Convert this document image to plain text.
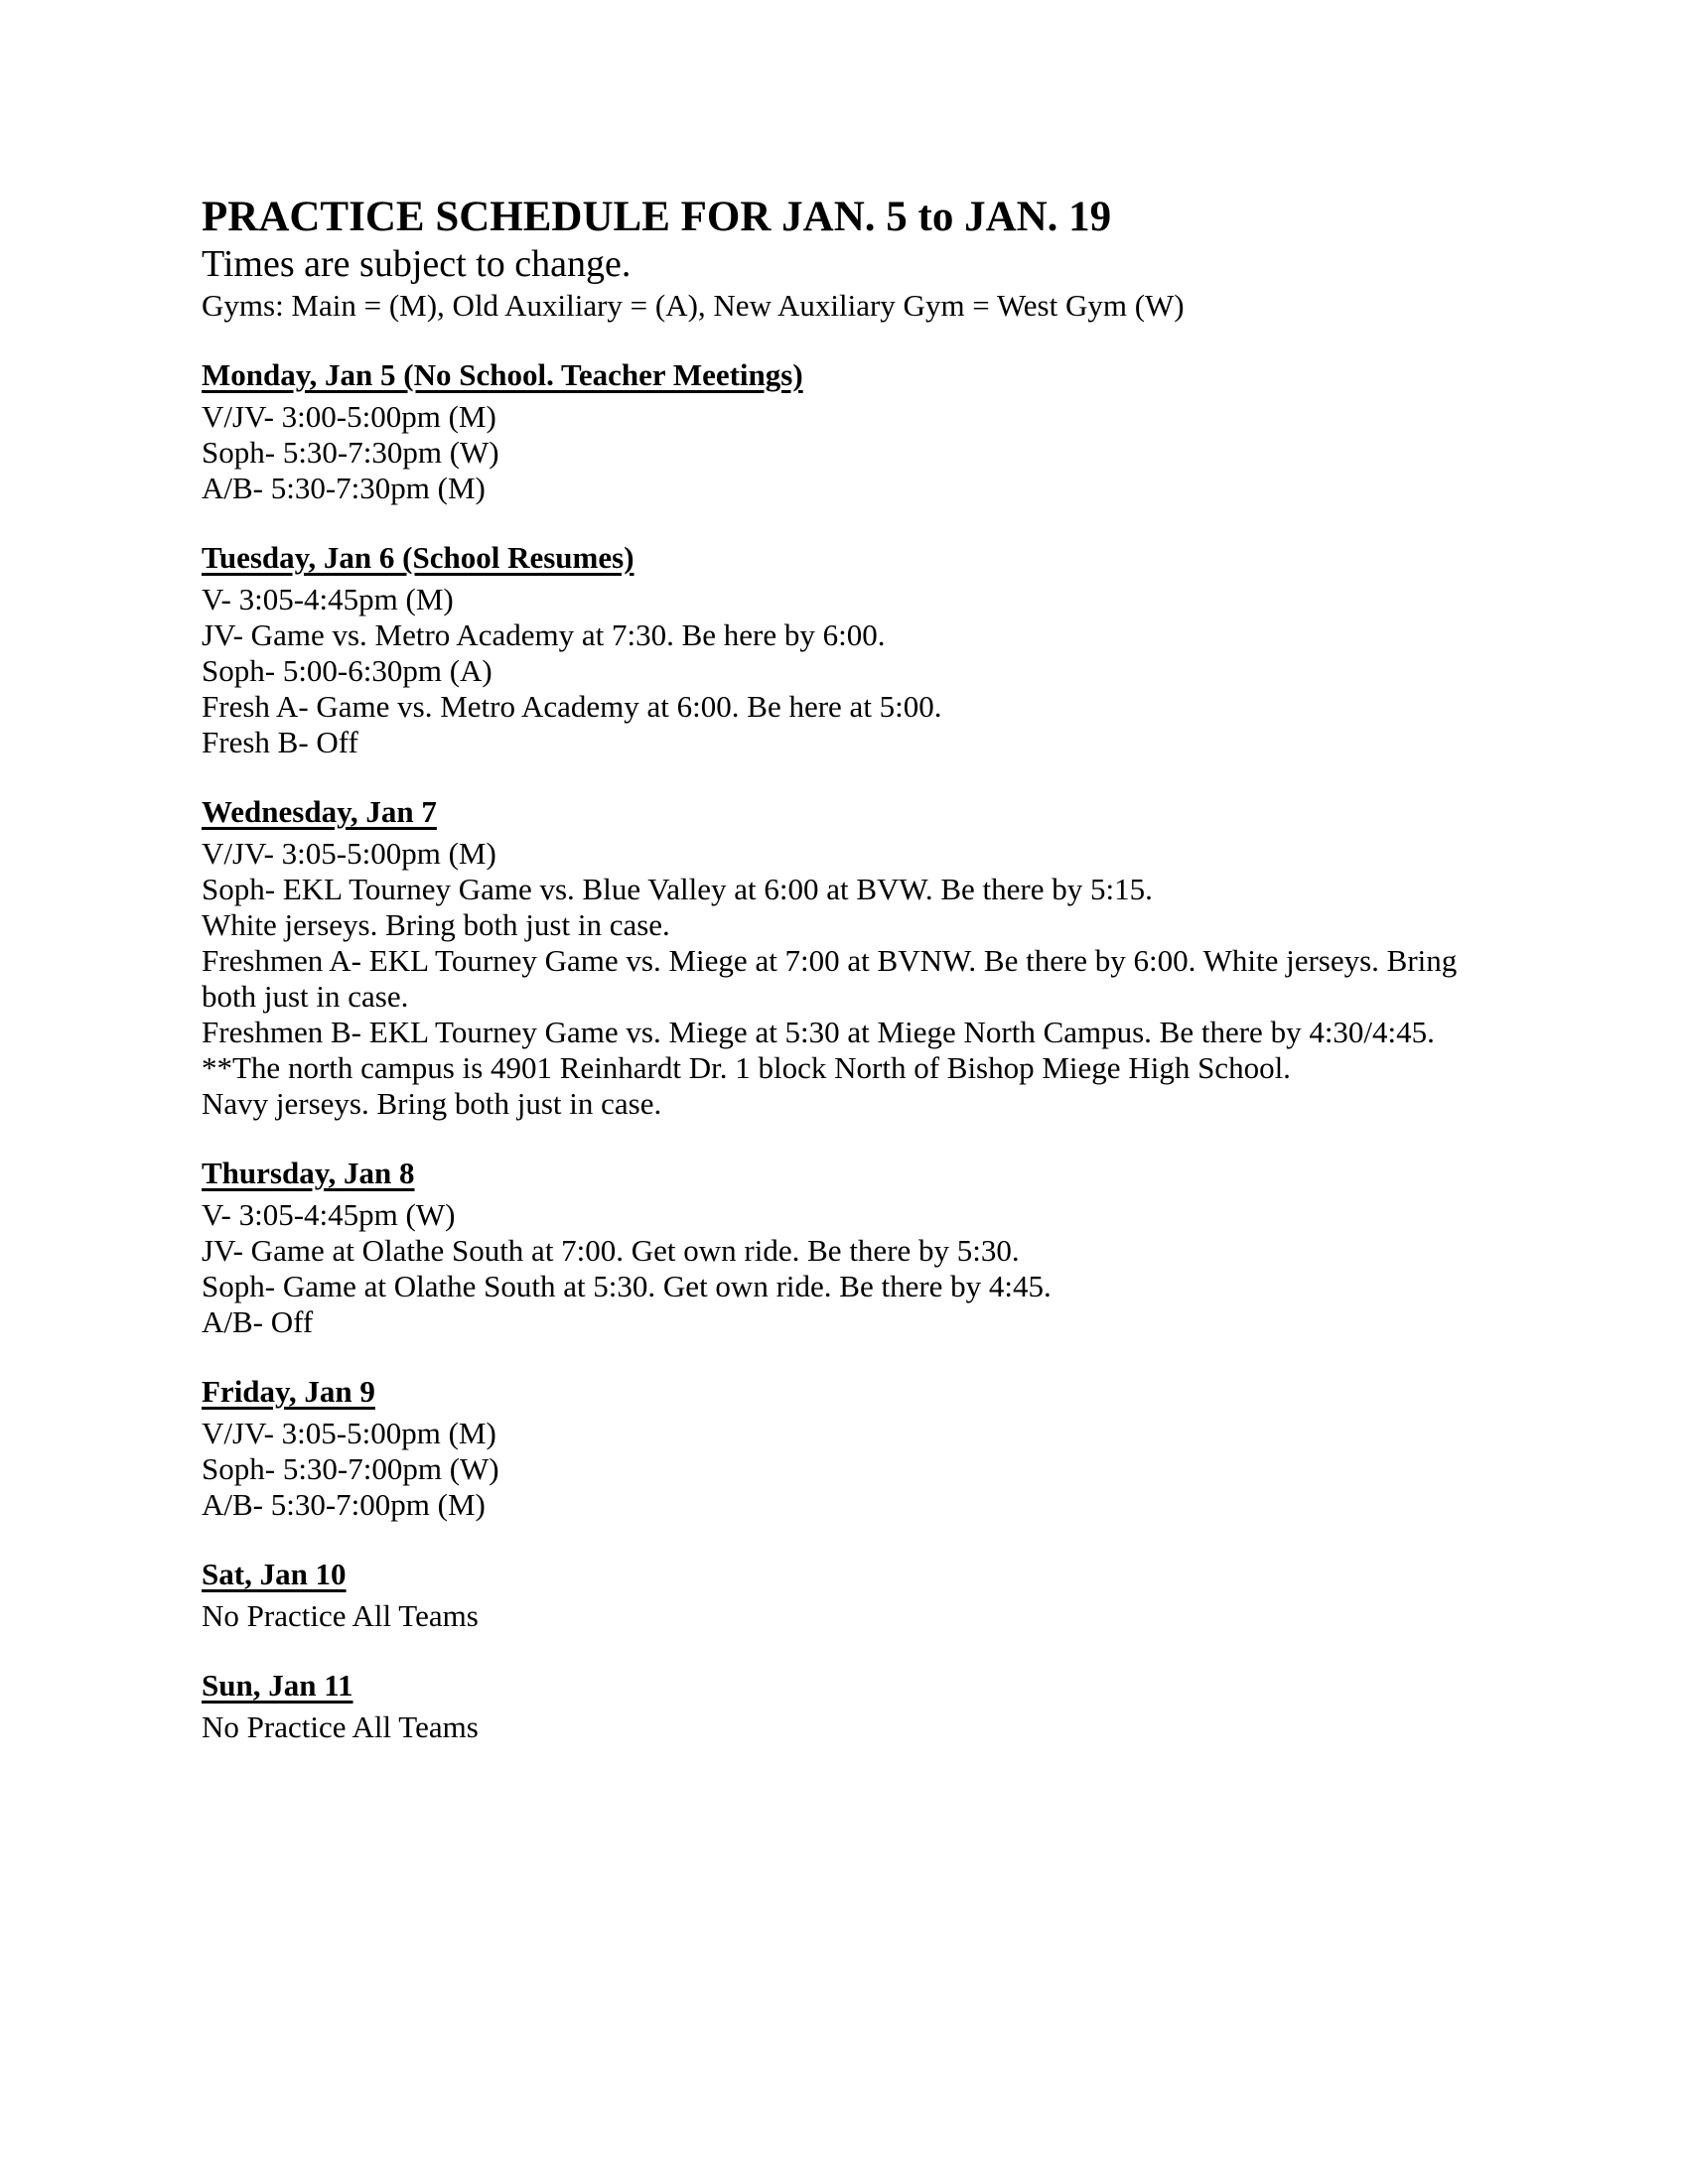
PRACTICE SCHEDULE FOR JAN. 5 to JAN. 19
Times are subject to change.
Gyms: Main = (M), Old Auxiliary = (A), New Auxiliary Gym = West Gym (W)
Monday, Jan 5 (No School. Teacher Meetings)
V/JV- 3:00-5:00pm (M)
Soph- 5:30-7:30pm (W)
A/B- 5:30-7:30pm (M)
Tuesday, Jan 6 (School Resumes)
V- 3:05-4:45pm (M)
JV- Game vs. Metro Academy at 7:30. Be here by 6:00.
Soph- 5:00-6:30pm (A)
Fresh A- Game vs. Metro Academy at 6:00. Be here at 5:00.
Fresh B- Off
Wednesday, Jan 7
V/JV- 3:05-5:00pm (M)
Soph- EKL Tourney Game vs. Blue Valley at 6:00 at BVW. Be there by 5:15.
White jerseys. Bring both just in case.
Freshmen A- EKL Tourney Game vs. Miege at 7:00 at BVNW. Be there by 6:00. White jerseys. Bring
both just in case.
Freshmen B- EKL Tourney Game vs. Miege at 5:30 at Miege North Campus. Be there by 4:30/4:45.
**The north campus is 4901 Reinhardt Dr. 1 block North of Bishop Miege High School.
Navy jerseys. Bring both just in case.
Thursday, Jan 8
V- 3:05-4:45pm (W)
JV- Game at Olathe South at 7:00. Get own ride. Be there by 5:30.
Soph- Game at Olathe South at 5:30. Get own ride. Be there by 4:45.
A/B- Off
Friday, Jan 9
V/JV- 3:05-5:00pm (M)
Soph- 5:30-7:00pm (W)
A/B- 5:30-7:00pm (M)
Sat, Jan 10
No Practice All Teams
Sun, Jan 11
No Practice All Teams
